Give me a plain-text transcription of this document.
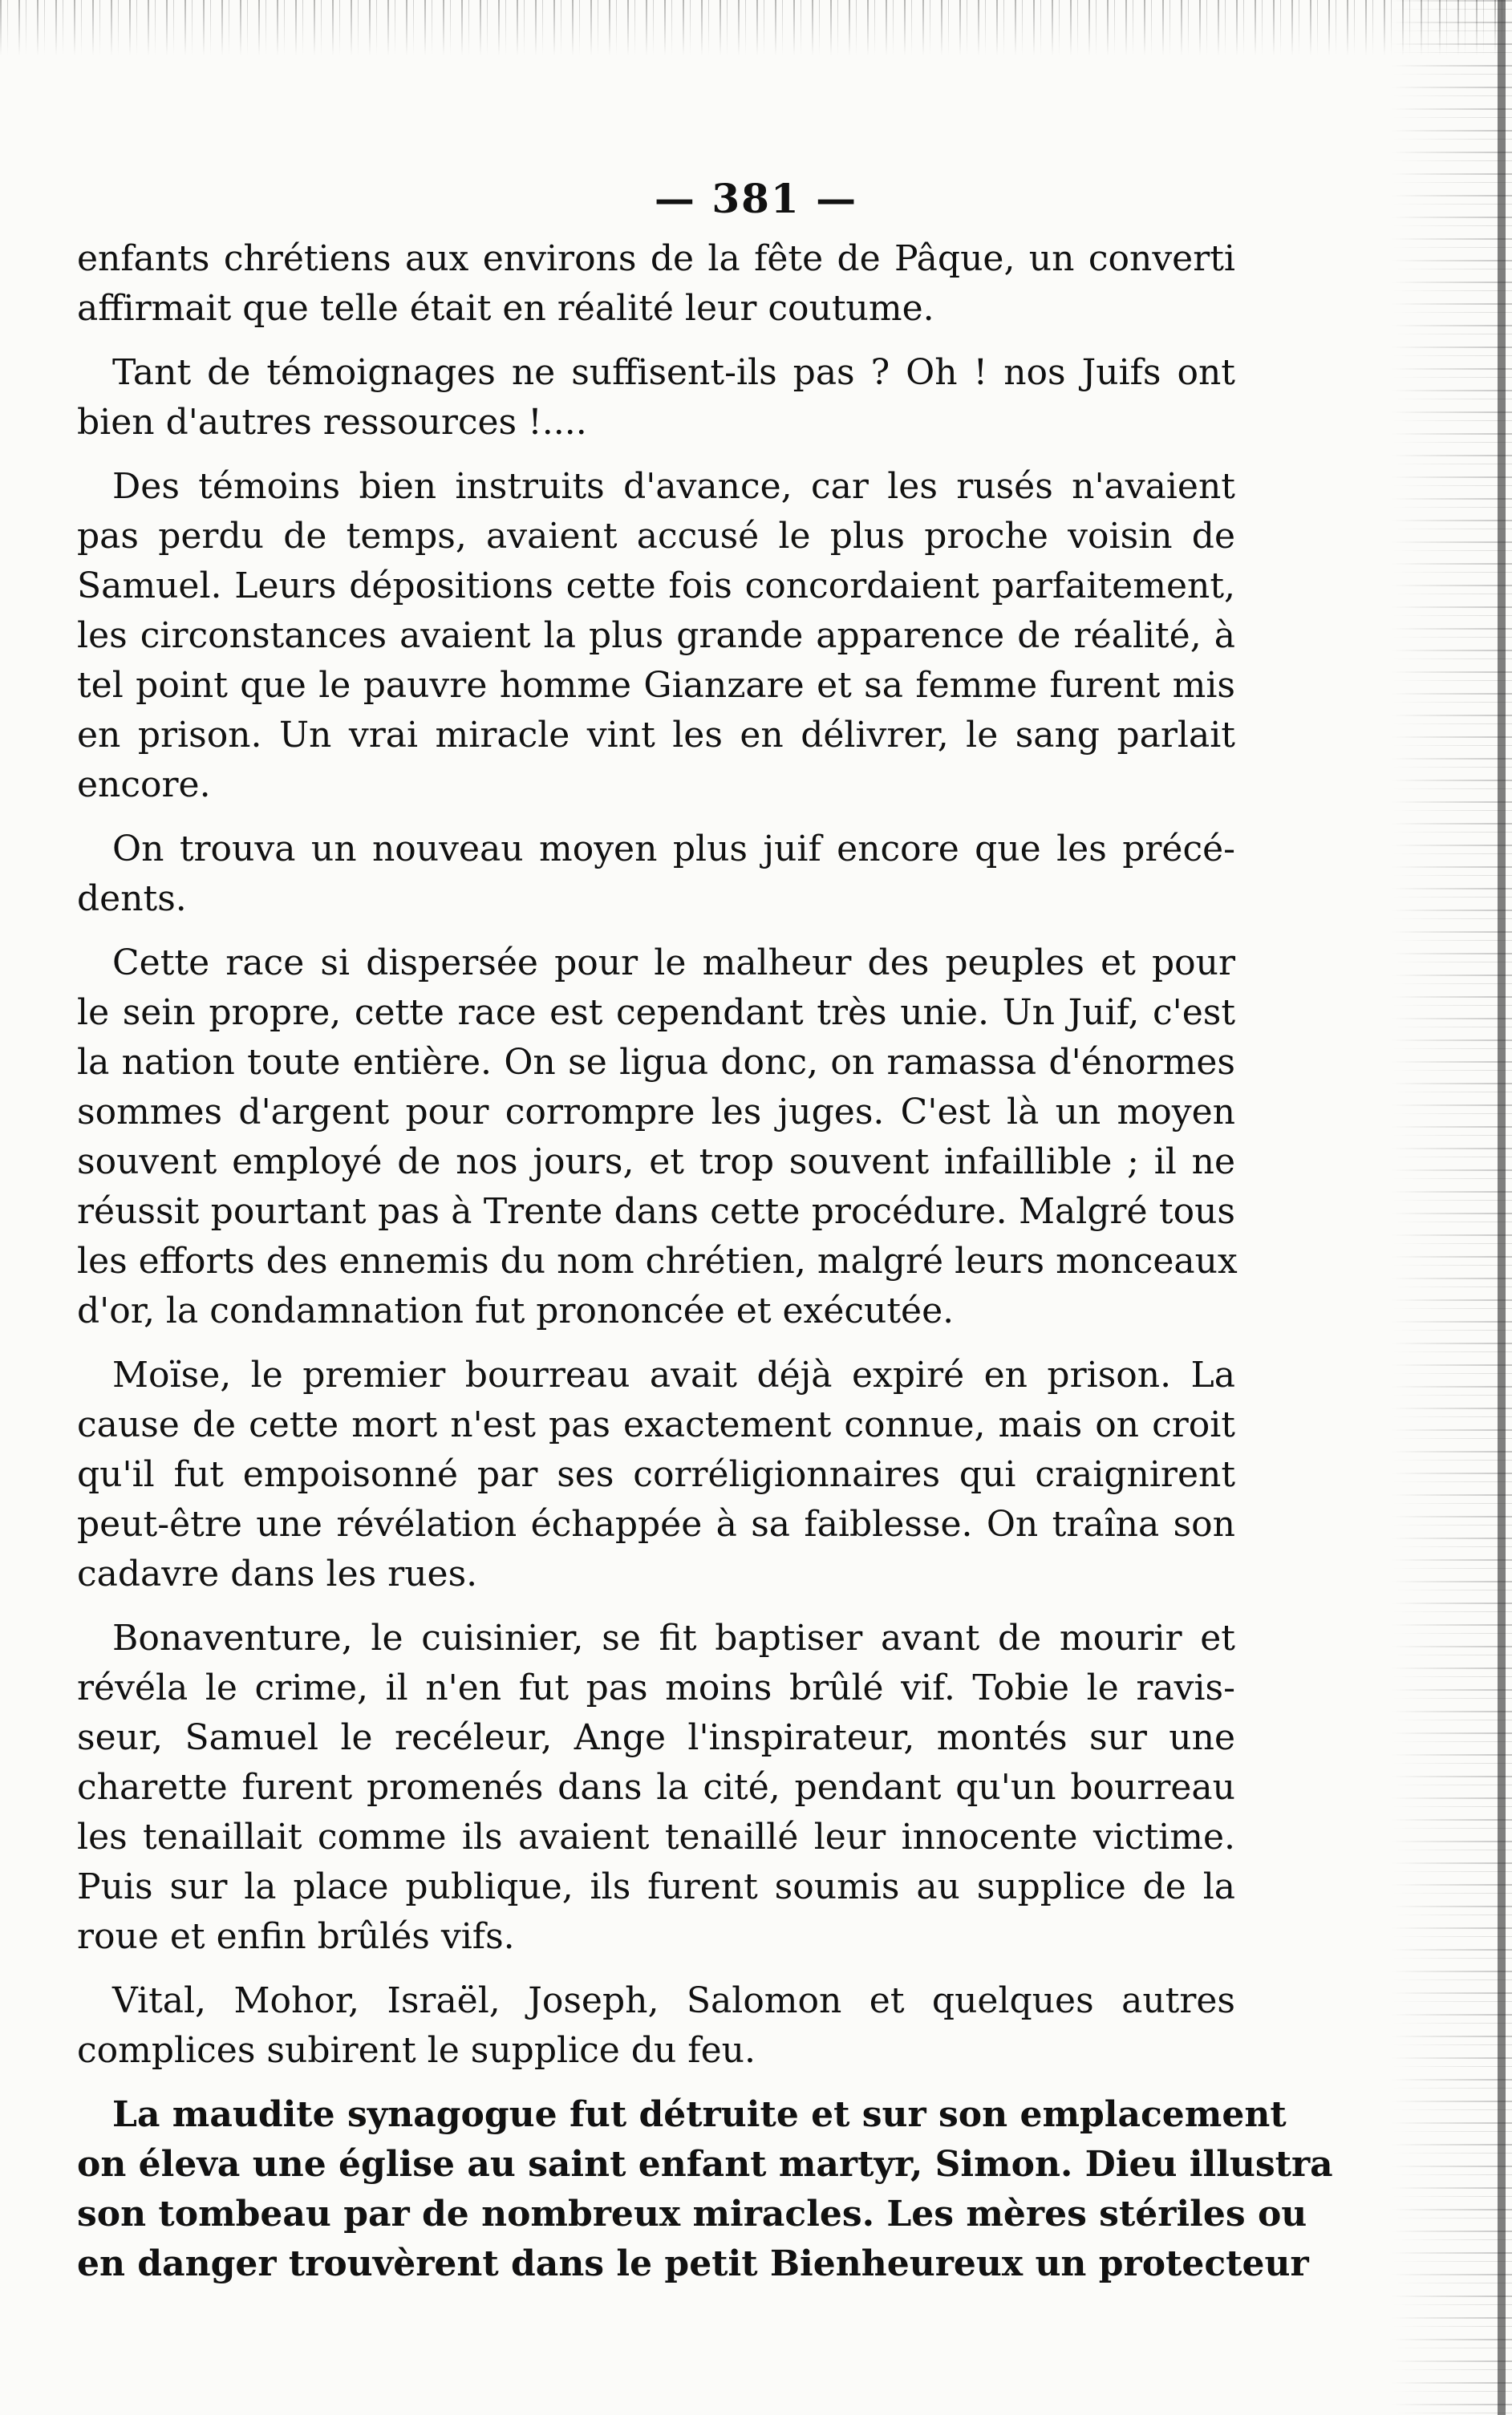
— 381 —
enfants chrétiens aux environs de la fête de Pâque, un converti
affirmait que telle était en réalité leur coutume.
Tant de témoignages ne suffisent-ils pas ? Oh ! nos Juifs ont
bien d'autres ressources !....
Des témoins bien instruits d'avance, car les rusés n'avaient
pas perdu de temps, avaient accusé le plus proche voisin de
Samuel. Leurs dépositions cette fois concordaient parfaitement,
les circonstances avaient la plus grande apparence de réalité, à
tel point que le pauvre homme Gianzare et sa femme furent mis
en prison. Un vrai miracle vint les en délivrer, le sang parlait
encore.
On trouva un nouveau moyen plus juif encore que les précé-
dents.
Cette race si dispersée pour le malheur des peuples et pour
le sein propre, cette race est cependant très unie. Un Juif, c'est
la nation toute entière. On se ligua donc, on ramassa d'énormes
sommes d'argent pour corrompre les juges. C'est là un moyen
souvent employé de nos jours, et trop souvent infaillible ; il ne
réussit pourtant pas à Trente dans cette procédure. Malgré tous
les efforts des ennemis du nom chrétien, malgré leurs monceaux
d'or, la condamnation fut prononcée et exécutée.
Moïse, le premier bourreau avait déjà expiré en prison. La
cause de cette mort n'est pas exactement connue, mais on croit
qu'il fut empoisonné par ses corréligionnaires qui craignirent
peut-être une révélation échappée à sa faiblesse. On traîna son
cadavre dans les rues.
Bonaventure, le cuisinier, se fit baptiser avant de mourir et
révéla le crime, il n'en fut pas moins brûlé vif. Tobie le ravis-
seur, Samuel le recéleur, Ange l'inspirateur, montés sur une
charette furent promenés dans la cité, pendant qu'un bourreau
les tenaillait comme ils avaient tenaillé leur innocente victime.
Puis sur la place publique, ils furent soumis au supplice de la
roue et enfin brûlés vifs.
Vital, Mohor, Israël, Joseph, Salomon et quelques autres
complices subirent le supplice du feu.
La maudite synagogue fut détruite et sur son emplacement
on éleva une église au saint enfant martyr, Simon. Dieu illustra
son tombeau par de nombreux miracles. Les mères stériles ou
en danger trouvèrent dans le petit Bienheureux un protecteur
